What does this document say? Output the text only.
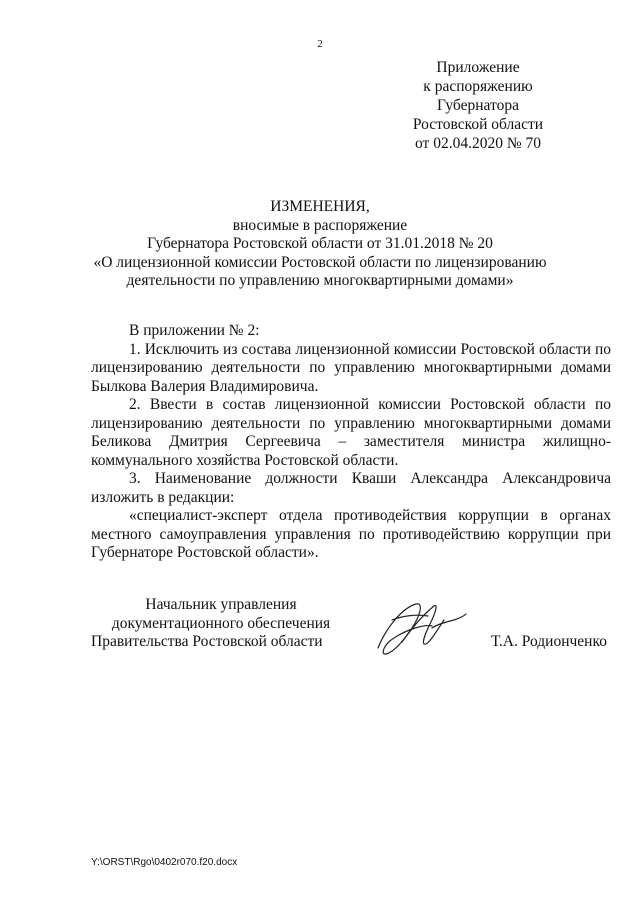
2
Приложение
к распоряжению
Губернатора
Ростовской области
от 02.04.2020 № 70
ИЗМЕНЕНИЯ,
вносимые в распоряжение
Губернатора Ростовской области от 31.01.2018 № 20
«О лицензионной комиссии Ростовской области по лицензированию
деятельности по управлению многоквартирными домами»

В приложении № 2:

1. Исключить из состава лицензионной комиссии Ростовской области по лицензированию деятельности по управлению многоквартирными домами Былкова Валерия Владимировича.

2. Ввести в состав лицензионной комиссии Ростовской области по лицензированию деятельности по управлению многоквартирными домами Беликова Дмитрия Сергеевича – заместителя министра жилищно-коммунального хозяйства Ростовской области.

3. Наименование должности Кваши Александра Александровича изложить в редакции:

«специалист-эксперт отдела противодействия коррупции в органах местного самоуправления управления по противодействию коррупции при Губернаторе Ростовской области».

Начальник управления
документационного обеспечения
Правительства Ростовской области	Т.А. Родионченко
Y:\ORST\Rgo\0402r070.f20.docx
